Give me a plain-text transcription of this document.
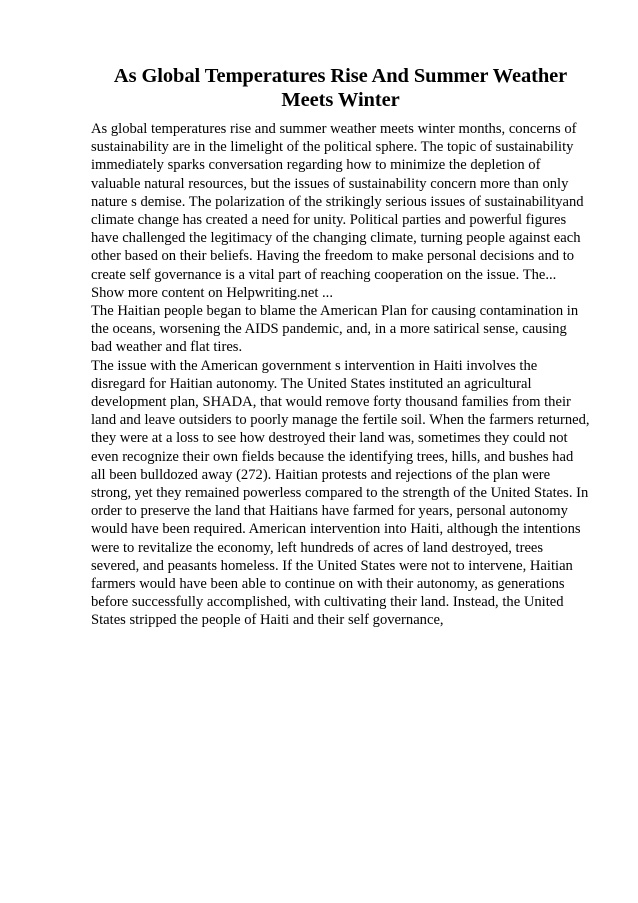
As Global Temperatures Rise And Summer Weather Meets Winter

As global temperatures rise and summer weather meets winter months, concerns of sustainability are in the limelight of the political sphere. The topic of sustainability immediately sparks conversation regarding how to minimize the depletion of valuable natural resources, but the issues of sustainability concern more than only nature s demise. The polarization of the strikingly serious issues of sustainabilityand climate change has created a need for unity. Political parties and powerful figures have challenged the legitimacy of the changing climate, turning people against each other based on their beliefs. Having the freedom to make personal decisions and to create self governance is a vital part of reaching cooperation on the issue. The... Show more content on Helpwriting.net ...

The Haitian people began to blame the American Plan for causing contamination in the oceans, worsening the AIDS pandemic, and, in a more satirical sense, causing bad weather and flat tires.

The issue with the American government s intervention in Haiti involves the disregard for Haitian autonomy. The United States instituted an agricultural development plan, SHADA, that would remove forty thousand families from their land and leave outsiders to poorly manage the fertile soil. When the farmers returned, they were at a loss to see how destroyed their land was, sometimes they could not even recognize their own fields because the identifying trees, hills, and bushes had all been bulldozed away (272). Haitian protests and rejections of the plan were strong, yet they remained powerless compared to the strength of the United States. In order to preserve the land that Haitians have farmed for years, personal autonomy would have been required. American intervention into Haiti, although the intentions were to revitalize the economy, left hundreds of acres of land destroyed, trees severed, and peasants homeless. If the United States were not to intervene, Haitian farmers would have been able to continue on with their autonomy, as generations before successfully accomplished, with cultivating their land. Instead, the United States stripped the people of Haiti and their self governance,
